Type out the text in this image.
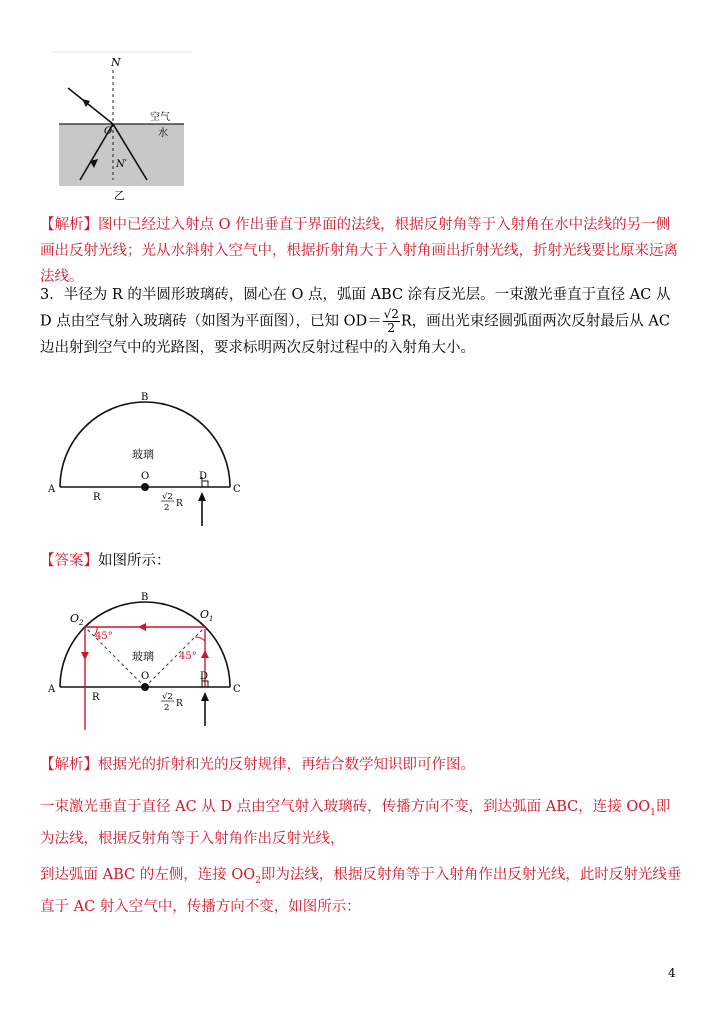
N
N′
O
空气
水
乙
【解析】图中已经过入射点 O 作出垂直于界面的法线，根据反射角等于入射角在水中法线的另一侧画出反射光线；光从水斜射入空气中，根据折射角大于入射角画出折射光线，折射光线要比原来远离法线。
3．半径为 R 的半圆形玻璃砖，圆心在 O 点，弧面 ABC 涂有反光层。一束激光垂直于直径 AC 从 D 点由空气射入玻璃砖（如图为平面图），已知 $OD= \frac{√2}{2}$ R，画出光束经圆弧面两次反射最后从 AC 边出射到空气中的光路图，要求标明两次反射过程中的入射角大小。
B
A	C
O	D
R
玻璃
√2
2 R
【答案】如图所示：
45°
45°
B
A	C
O	D
R
玻璃
$O_2$
$O_1$
√2
2 R
【解析】根据光的折射和光的反射规律，再结合数学知识即可作图。
一束激光垂直于直径 AC 从 D 点由空气射入玻璃砖，传播方向不变，到达弧面 ABC，连接 $OO_1$即为法线，根据反射角等于入射角作出反射光线，
到达弧面 ABC 的左侧，连接 $OO_2$即为法线，根据反射角等于入射角作出反射光线，此时反射光线垂直于 AC 射入空气中，传播方向不变，如图所示：
4
